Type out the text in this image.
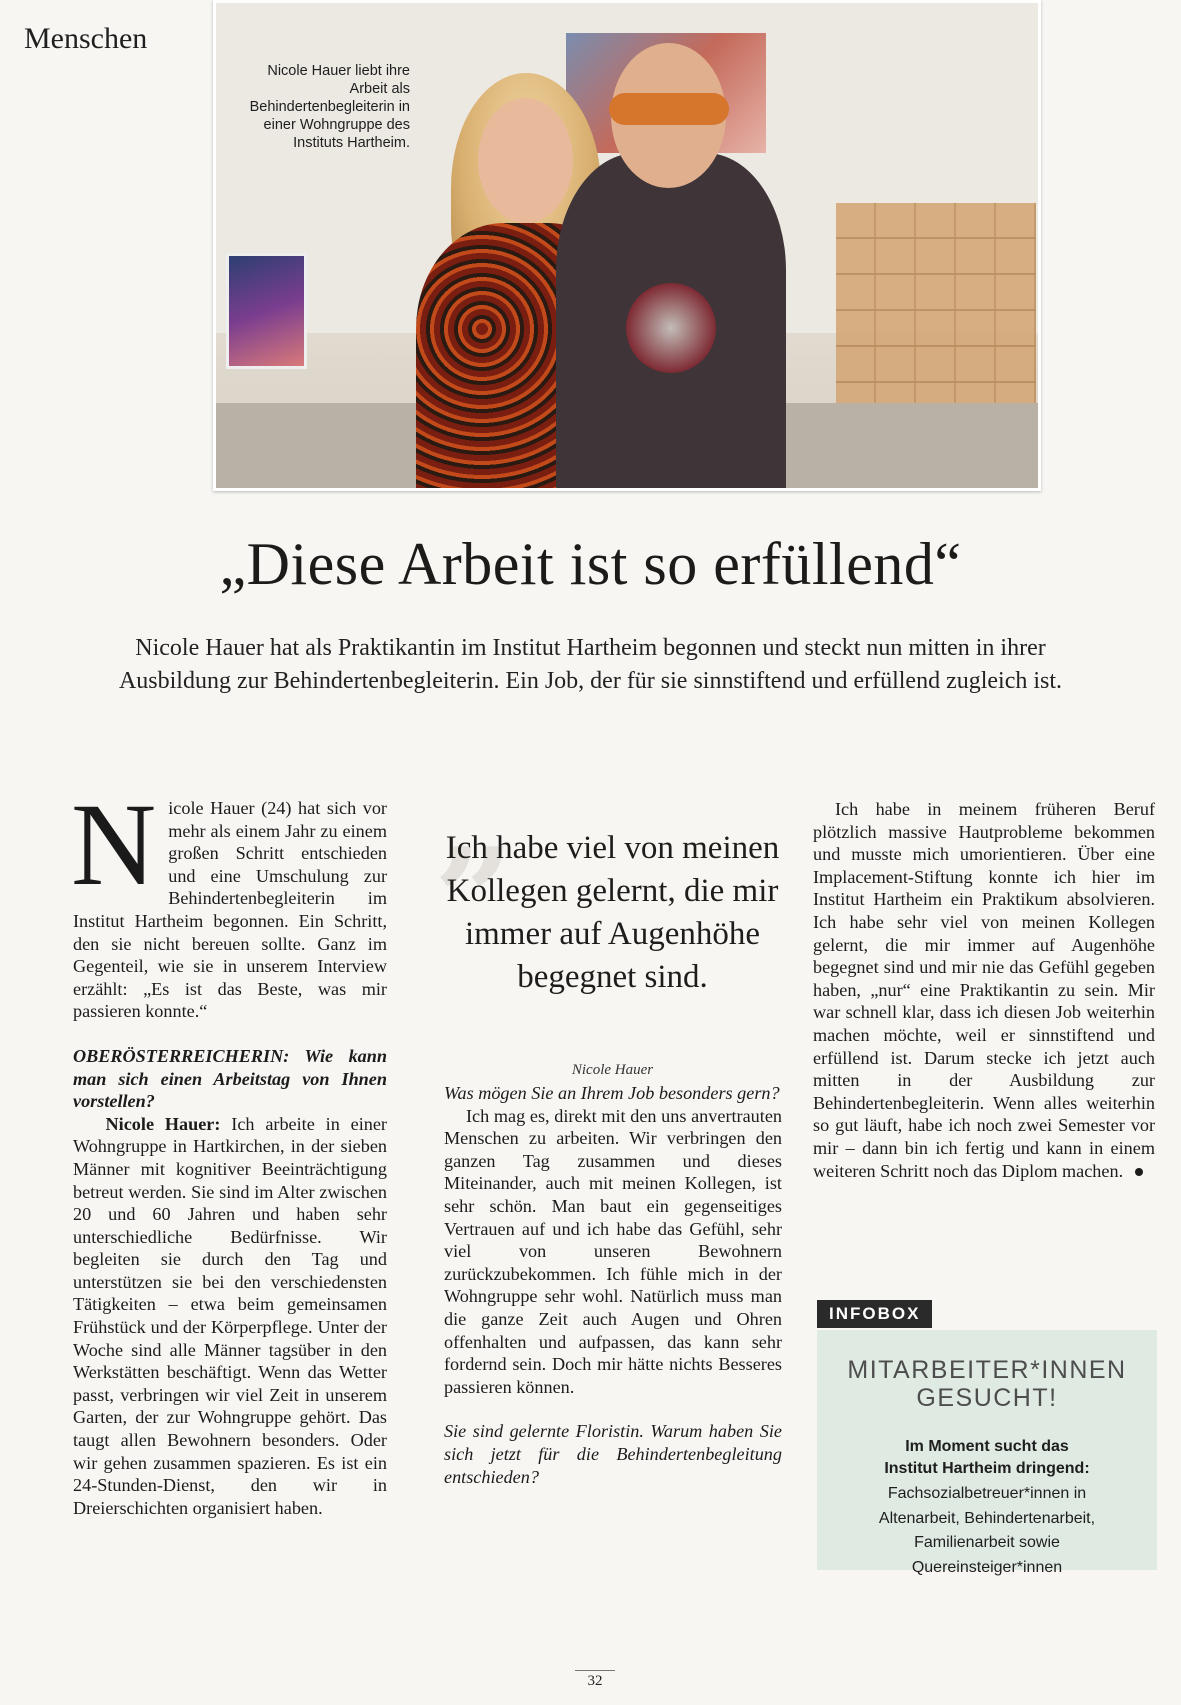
Menschen
Nicole Hauer liebt ihre Arbeit als Behindertenbegleiterin in einer Wohngruppe des Instituts Hartheim.
„Diese Arbeit ist so erfüllend“
Nicole Hauer hat als Praktikantin im Institut Hartheim begonnen und steckt nun mitten in ihrer Ausbildung zur Behindertenbegleiterin. Ein Job, der für sie sinnstiftend und erfüllend zugleich ist.
N icole Hauer (24) hat sich vor mehr als einem Jahr zu einem großen Schritt entschieden und eine Umschulung zur Behindertenbegleiterin im Institut Hartheim begonnen. Ein Schritt, den sie nicht bereuen sollte. Ganz im Gegenteil, wie sie in unserem Interview erzählt: „Es ist das Beste, was mir passieren konnte.“

OBERÖSTERREICHERIN: Wie kann man sich einen Arbeitstag von Ihnen vorstellen?

Nicole Hauer: Ich arbeite in einer Wohngruppe in Hartkirchen, in der sieben Männer mit kognitiver Beeinträchtigung betreut werden. Sie sind im Alter zwischen 20 und 60 Jahren und haben sehr unterschiedliche Bedürfnisse. Wir begleiten sie durch den Tag und unterstützen sie bei den verschiedensten Tätigkeiten – etwa beim gemeinsamen Frühstück und der Körperpflege. Unter der Woche sind alle Männer tagsüber in den Werkstätten beschäftigt. Wenn das Wetter passt, verbringen wir viel Zeit in unserem Garten, der zur Wohngruppe gehört. Das taugt allen Bewohnern besonders. Oder wir gehen zusammen spazieren. Es ist ein 24-Stunden-Dienst, den wir in Dreierschichten organisiert haben.

„
Ich habe viel von meinen Kollegen gelernt, die mir immer auf Augenhöhe begegnet sind.
Nicole Hauer

Was mögen Sie an Ihrem Job besonders gern?

Ich mag es, direkt mit den uns anvertrauten Menschen zu arbeiten. Wir verbringen den ganzen Tag zusammen und dieses Miteinander, auch mit meinen Kollegen, ist sehr schön. Man baut ein gegenseitiges Vertrauen auf und ich habe das Gefühl, sehr viel von unseren Bewohnern zurückzubekommen. Ich fühle mich in der Wohngruppe sehr wohl. Natürlich muss man die ganze Zeit auch Augen und Ohren offenhalten und aufpassen, das kann sehr fordernd sein. Doch mir hätte nichts Besseres passieren können.

Sie sind gelernte Floristin. Warum haben Sie sich jetzt für die Behindertenbegleitung entschieden?

Ich habe in meinem früheren Beruf plötzlich massive Hautprobleme bekommen und musste mich umorientieren. Über eine Implacement-Stiftung konnte ich hier im Institut Hartheim ein Praktikum absolvieren. Ich habe sehr viel von meinen Kollegen gelernt, die mir immer auf Augenhöhe begegnet sind und mir nie das Gefühl gegeben haben, „nur“ eine Praktikantin zu sein. Mir war schnell klar, dass ich diesen Job weiterhin machen möchte, weil er sinnstiftend und erfüllend ist. Darum stecke ich jetzt auch mitten in der Ausbildung zur Behindertenbegleiterin. Wenn alles weiterhin so gut läuft, habe ich noch zwei Semester vor mir – dann bin ich fertig und kann in einem weiteren Schritt noch das Diplom machen.

INFOBOX
MITARBEITER*INNEN
GESUCHT!
Im Moment sucht das
Institut Hartheim dringend:
Fachsozialbetreuer*innen in
Altenarbeit, Behindertenarbeit,
Familienarbeit sowie
Quereinsteiger*innen
32
